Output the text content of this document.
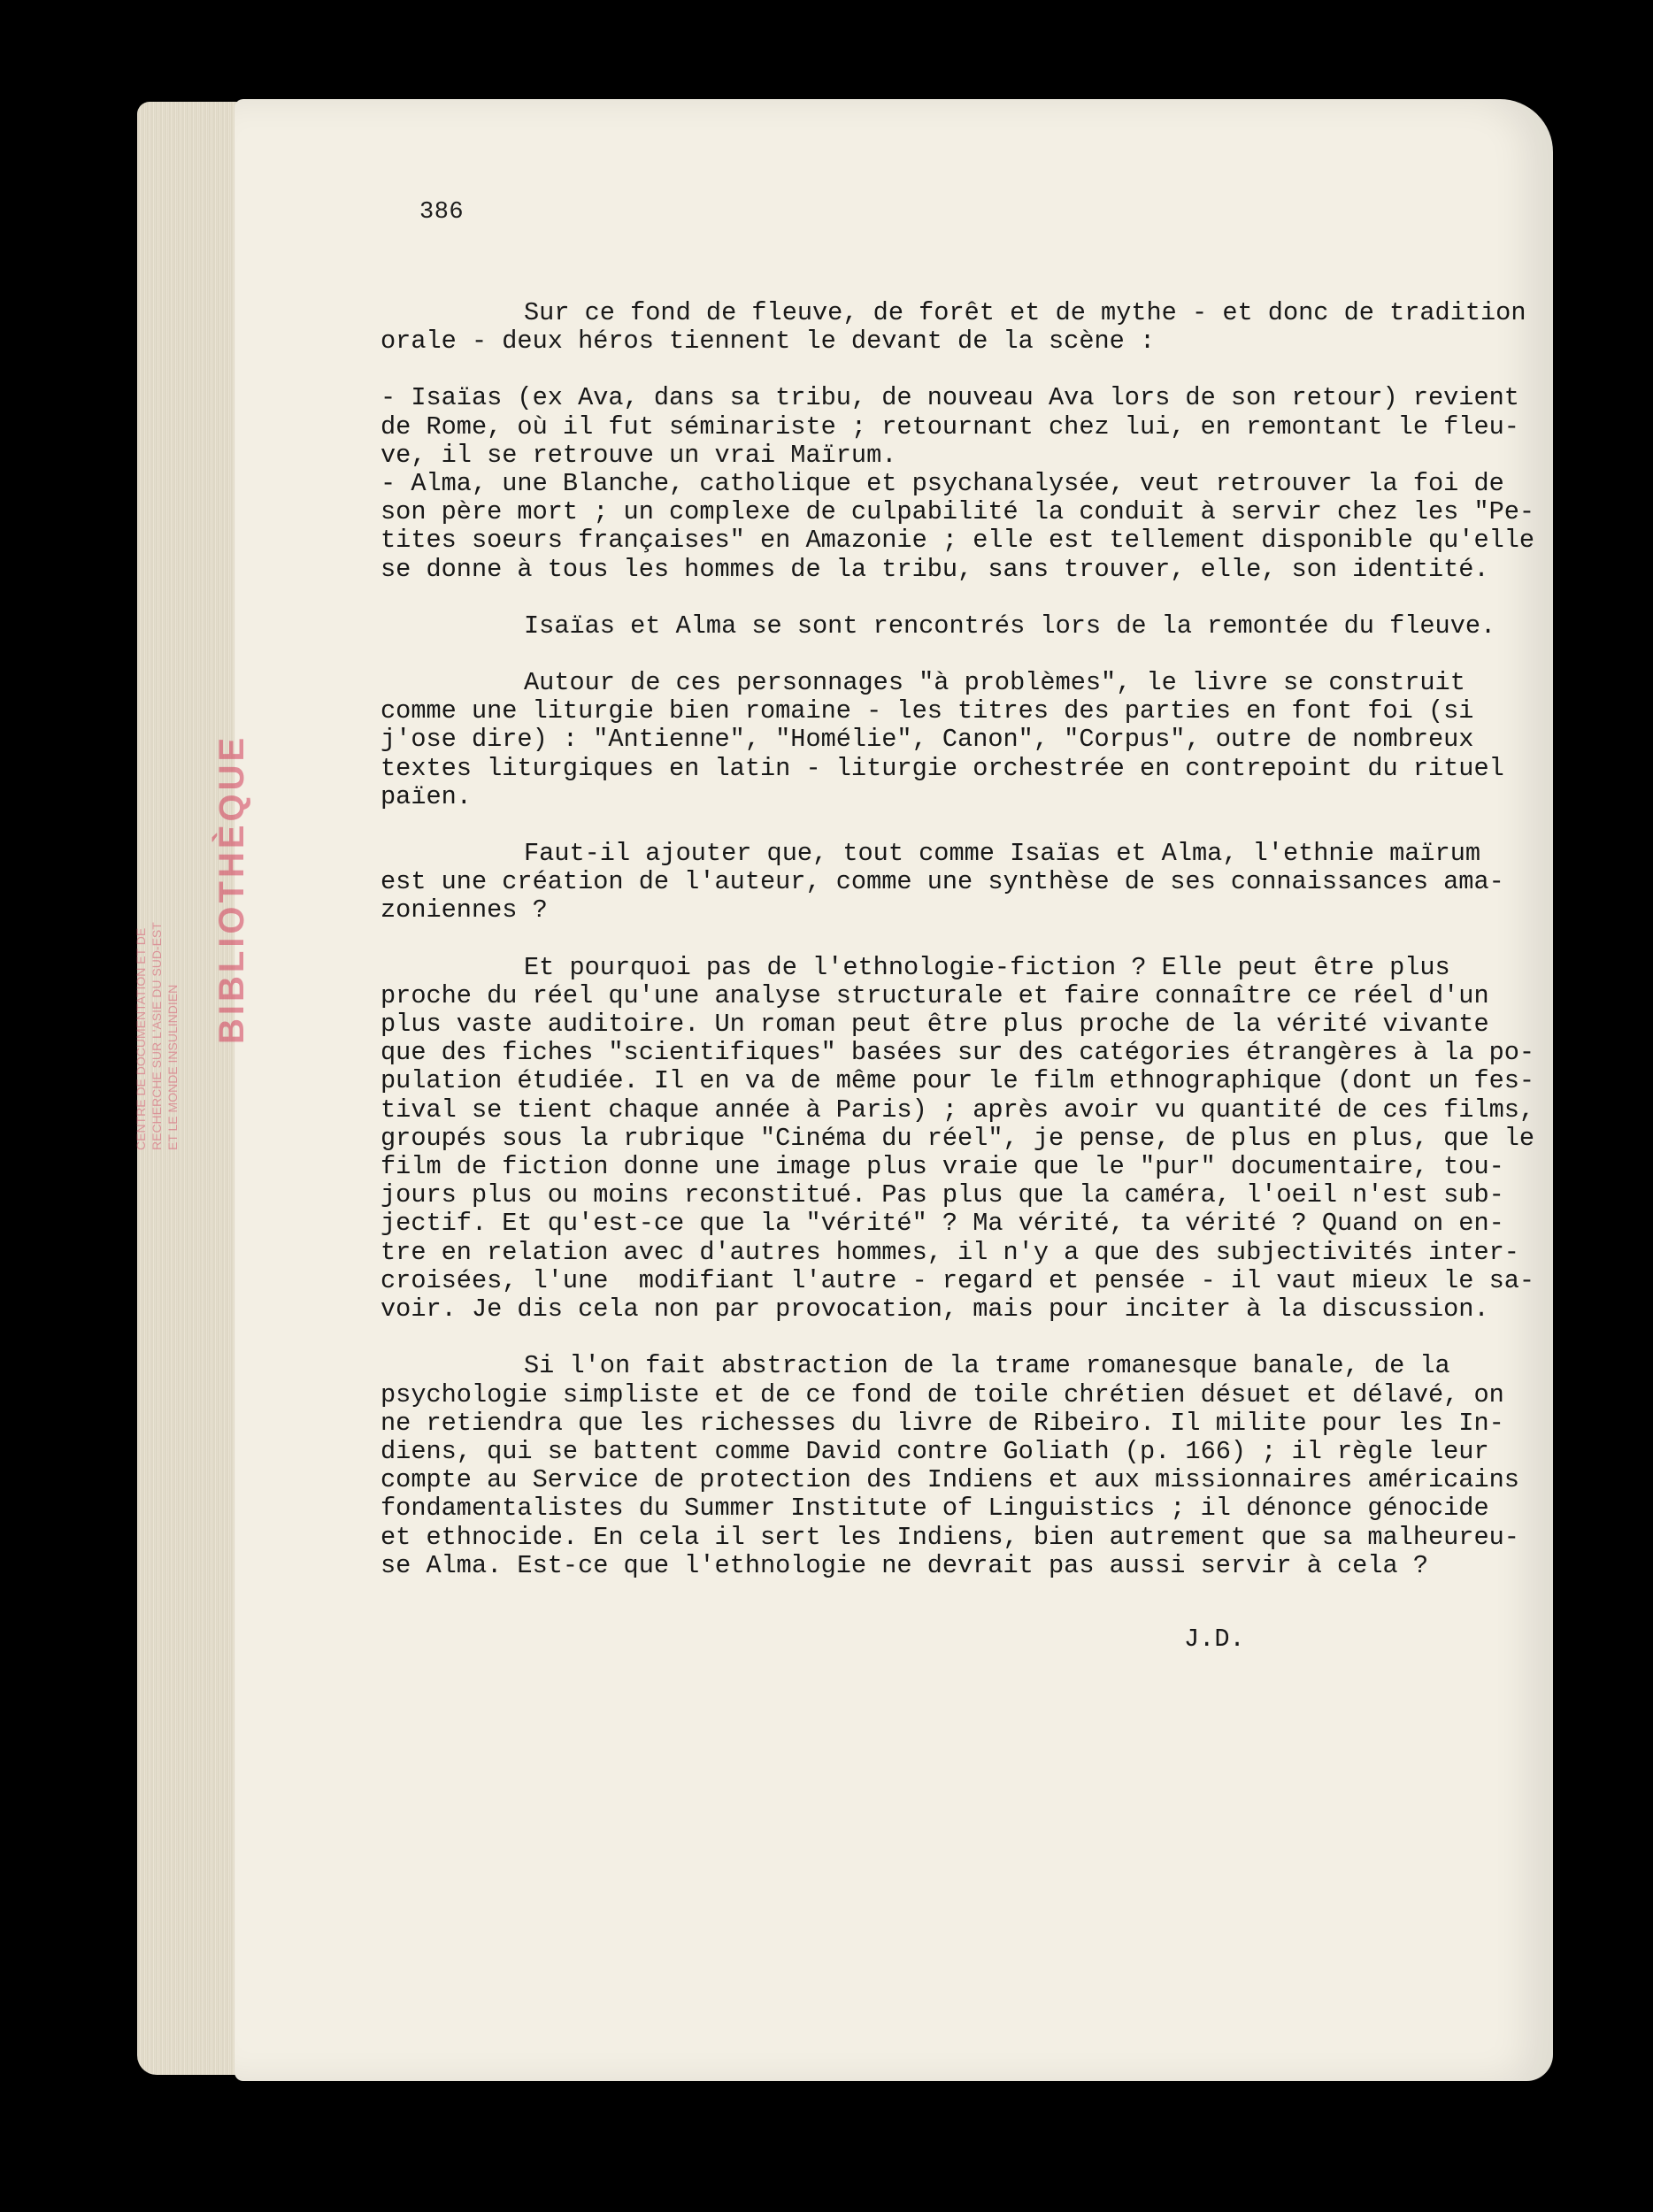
BIBLIOTHÈQUE
CENTRE DE DOCUMENTATION ET DE RECHERCHE SUR L'ASIE DU SUD-EST ET LE MONDE INSULINDIEN
386
Sur ce fond de fleuve, de forêt et de mythe - et donc de tradition
orale - deux héros tiennent le devant de la scène :
- Isaïas (ex Ava, dans sa tribu, de nouveau Ava lors de son retour) revient
de Rome, où il fut séminariste ; retournant chez lui, en remontant le fleu-
ve, il se retrouve un vrai Maïrum.
- Alma, une Blanche, catholique et psychanalysée, veut retrouver la foi de
son père mort ; un complexe de culpabilité la conduit à servir chez les "Pe-
tites soeurs françaises" en Amazonie ; elle est tellement disponible qu'elle
se donne à tous les hommes de la tribu, sans trouver, elle, son identité.
Isaïas et Alma se sont rencontrés lors de la remontée du fleuve.
Autour de ces personnages "à problèmes", le livre se construit
comme une liturgie bien romaine - les titres des parties en font foi (si
j'ose dire) : "Antienne", "Homélie", Canon", "Corpus", outre de nombreux
textes liturgiques en latin - liturgie orchestrée en contrepoint du rituel
païen.
Faut-il ajouter que, tout comme Isaïas et Alma, l'ethnie maïrum
est une création de l'auteur, comme une synthèse de ses connaissances ama-
zoniennes ?
Et pourquoi pas de l'ethnologie-fiction ? Elle peut être plus
proche du réel qu'une analyse structurale et faire connaître ce réel d'un
plus vaste auditoire. Un roman peut être plus proche de la vérité vivante
que des fiches "scientifiques" basées sur des catégories étrangères à la po-
pulation étudiée. Il en va de même pour le film ethnographique (dont un fes-
tival se tient chaque année à Paris) ; après avoir vu quantité de ces films,
groupés sous la rubrique "Cinéma du réel", je pense, de plus en plus, que le
film de fiction donne une image plus vraie que le "pur" documentaire, tou-
jours plus ou moins reconstitué. Pas plus que la caméra, l'oeil n'est sub-
jectif. Et qu'est-ce que la "vérité" ? Ma vérité, ta vérité ? Quand on en-
tre en relation avec d'autres hommes, il n'y a que des subjectivités inter-
croisées, l'une  modifiant l'autre - regard et pensée - il vaut mieux le sa-
voir. Je dis cela non par provocation, mais pour inciter à la discussion.
Si l'on fait abstraction de la trame romanesque banale, de la
psychologie simpliste et de ce fond de toile chrétien désuet et délavé, on
ne retiendra que les richesses du livre de Ribeiro. Il milite pour les In-
diens, qui se battent comme David contre Goliath (p. 166) ; il règle leur
compte au Service de protection des Indiens et aux missionnaires américains
fondamentalistes du Summer Institute of Linguistics ; il dénonce génocide
et ethnocide. En cela il sert les Indiens, bien autrement que sa malheureu-
se Alma. Est-ce que l'ethnologie ne devrait pas aussi servir à cela ?
J.D.
